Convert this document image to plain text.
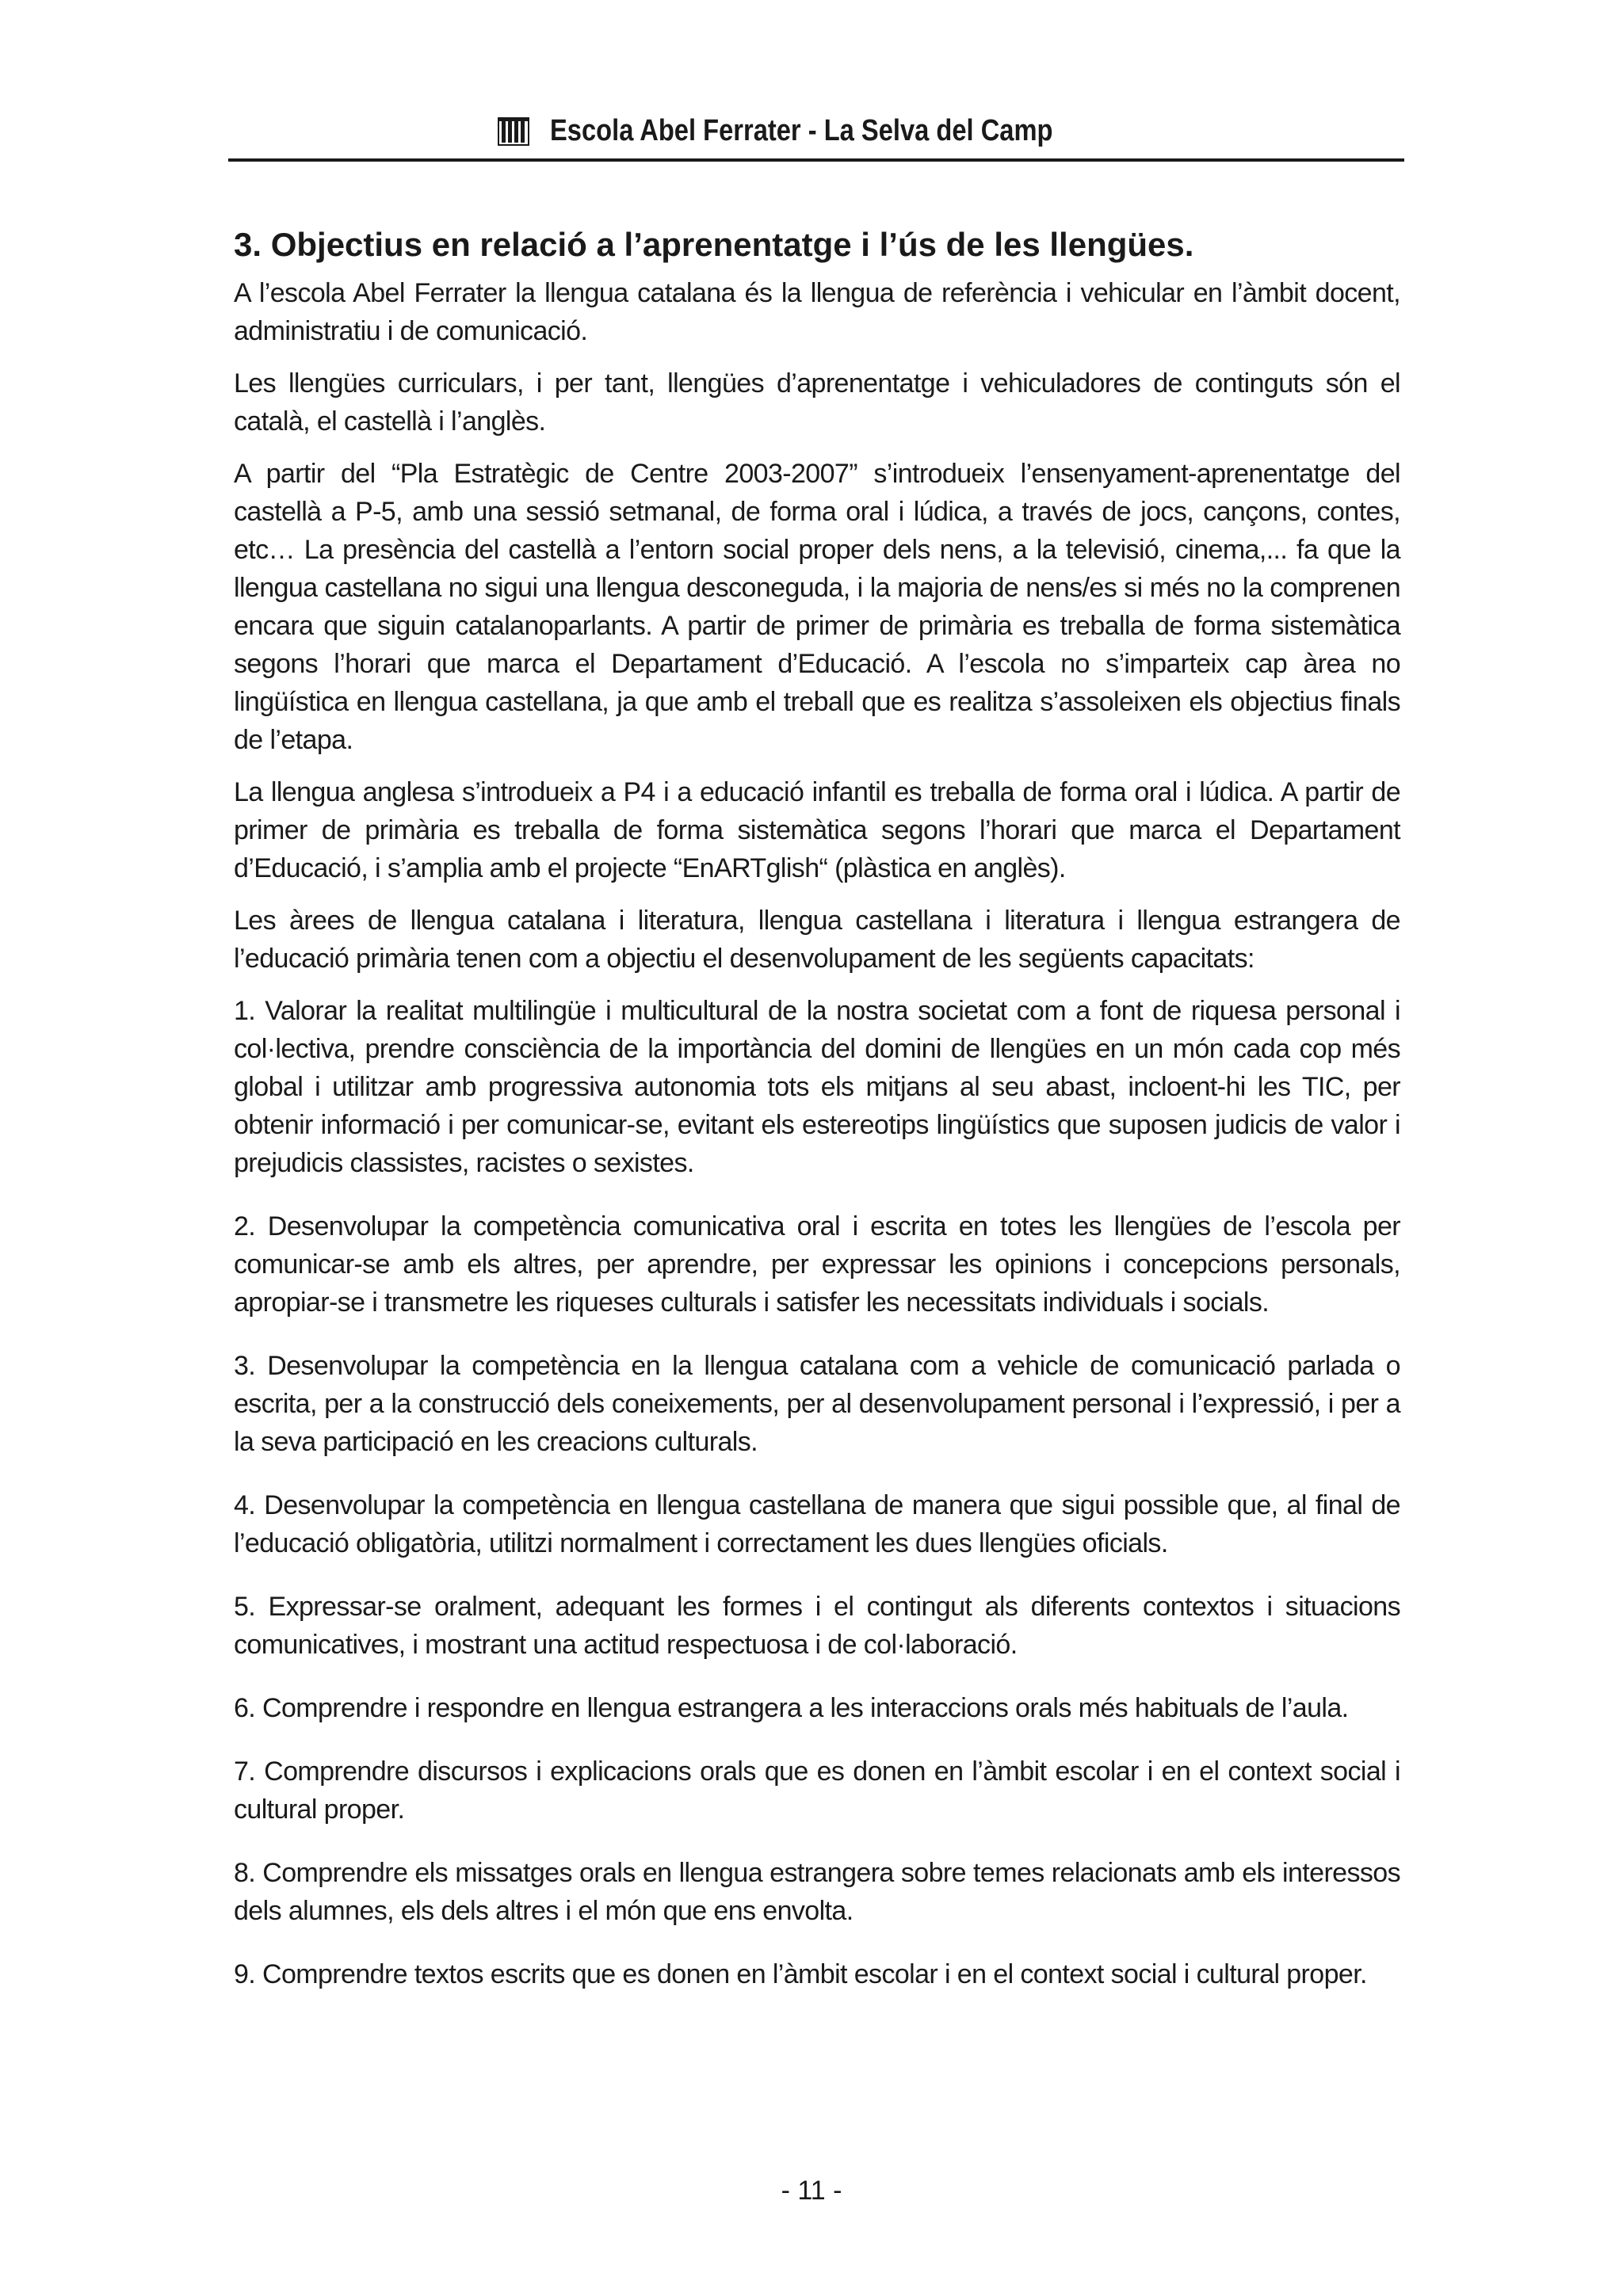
Escola Abel Ferrater - La Selva del Camp
3. Objectius en relació a l’aprenentatge i l’ús de les llengües.

A l’escola Abel Ferrater la llengua catalana és la llengua de referència i vehicular en l’àmbit docent, administratiu i de comunicació.

Les llengües curriculars, i per tant, llengües d’aprenentatge i vehiculadores de continguts són el català, el castellà i l’anglès.

A partir del “Pla Estratègic de Centre 2003-2007” s’introdueix l’ensenyament-aprenentatge del castellà a P-5, amb una sessió setmanal, de forma oral i lúdica, a través de jocs, cançons, contes, etc… La presència del castellà a l’entorn social proper dels nens, a la televisió, cinema,... fa que la llengua castellana no sigui una llengua desconeguda, i la majoria de nens/es si més no la comprenen encara que siguin catalanoparlants. A partir de primer de primària es treballa de forma sistemàtica segons l’horari que marca el Departament d’Educació. A l’escola no s’imparteix cap àrea no lingüística en llengua castellana, ja que amb el treball que es realitza s’assoleixen els objectius finals de l’etapa.

La llengua anglesa s’introdueix a P4 i a educació infantil es treballa de forma oral i lúdica. A partir de primer de primària es treballa de forma sistemàtica segons l’horari que marca el Departament d’Educació, i s’amplia amb el projecte “EnARTglish“ (plàstica en anglès).

Les àrees de llengua catalana i literatura, llengua castellana i literatura i llengua estrangera de l’educació primària tenen com a objectiu el desenvolupament de les següents capacitats:

1. Valorar la realitat multilingüe i multicultural de la nostra societat com a font de riquesa personal i col·lectiva, prendre consciència de la importància del domini de llengües en un món cada cop més global i utilitzar amb progressiva autonomia tots els mitjans al seu abast, incloent-hi les TIC, per obtenir informació i per comunicar-se, evitant els estereotips lingüístics que suposen judicis de valor i prejudicis classistes, racistes o sexistes.

2. Desenvolupar la competència comunicativa oral i escrita en totes les llengües de l’escola per comunicar-se amb els altres, per aprendre, per expressar les opinions i concepcions personals, apropiar-se i transmetre les riqueses culturals i satisfer les necessitats individuals i socials.

3. Desenvolupar la competència en la llengua catalana com a vehicle de comunicació parlada o escrita, per a la construcció dels coneixements, per al desenvolupament personal i l’expressió, i per a la seva participació en les creacions culturals.

4. Desenvolupar la competència en llengua castellana de manera que sigui possible que, al final de l’educació obligatòria, utilitzi normalment i correctament les dues llengües oficials.

5. Expressar-se oralment, adequant les formes i el contingut als diferents contextos i situacions comunicatives, i mostrant una actitud respectuosa i de col·laboració.

6. Comprendre i respondre en llengua estrangera a les interaccions orals més habituals de l’aula.

7. Comprendre discursos i explicacions orals que es donen en l’àmbit escolar i en el context social i cultural proper.

8. Comprendre els missatges orals en llengua estrangera sobre temes relacionats amb els interessos dels alumnes, els dels altres i el món que ens envolta.

9. Comprendre textos escrits que es donen en l’àmbit escolar i en el context social i cultural proper.

- 11 -
